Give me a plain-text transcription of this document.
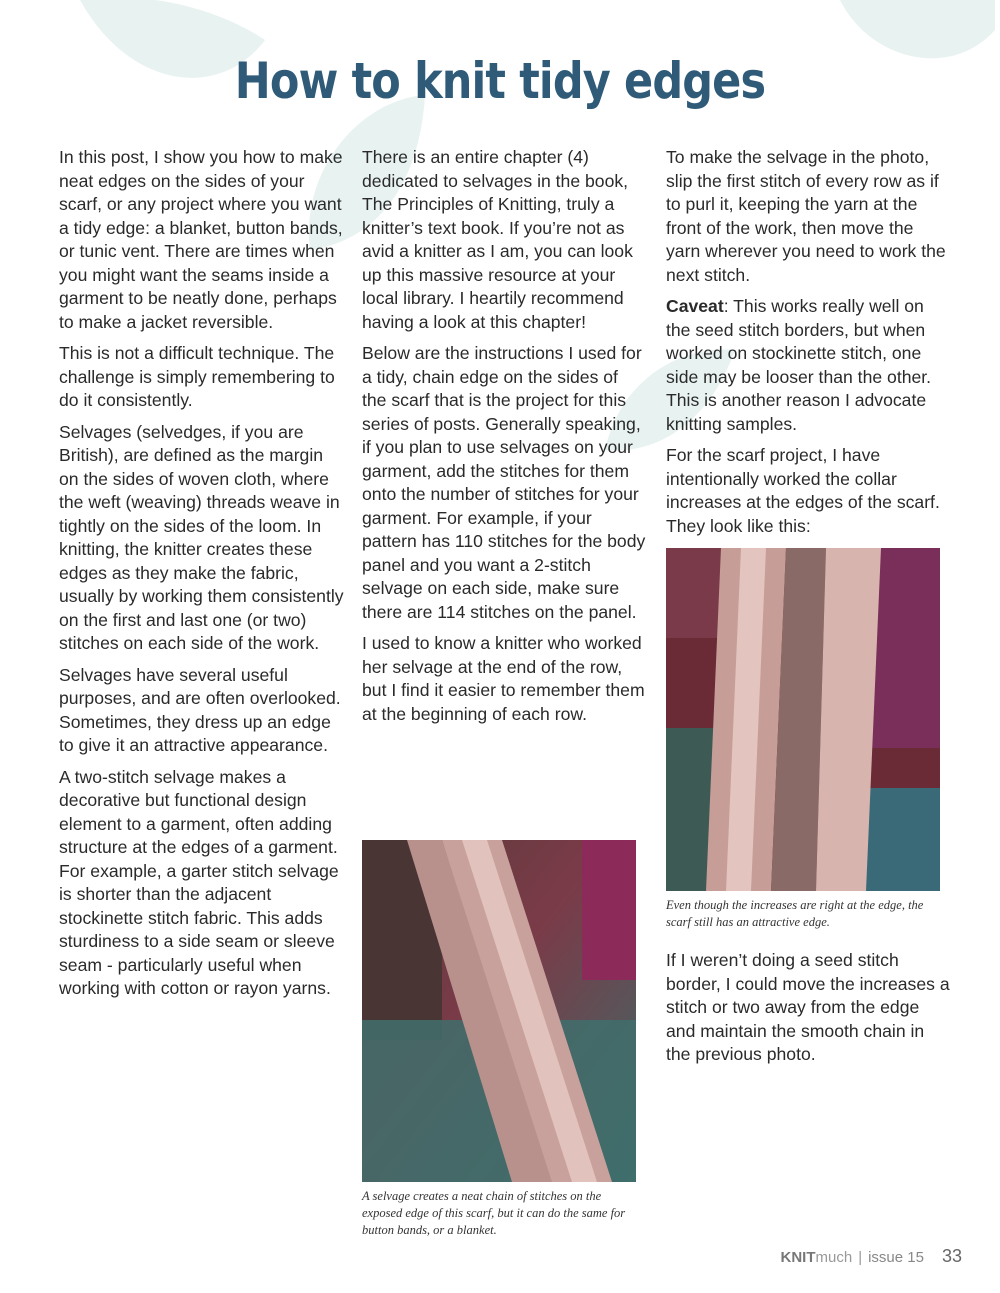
How to knit tidy edges

In this post, I show you how to make neat edges on the sides of your scarf, or any project where you want a tidy edge: a blanket, button bands, or tunic vent. There are times when you might want the seams inside a garment to be neatly done, perhaps to make a jacket reversible.

This is not a difficult technique. The challenge is simply remembering to do it consistently.

Selvages (selvedges, if you are British), are defined as the margin on the sides of woven cloth, where the weft (weaving) threads weave in tightly on the sides of the loom. In knitting, the knitter creates these edges as they make the fabric, usually by working them consistently on the first and last one (or two) stitches on each side of the work.

Selvages have several useful purposes, and are often overlooked. Sometimes, they dress up an edge to give it an attractive appearance.

A two-stitch selvage makes a decorative but functional design element to a garment, often adding structure at the edges of a garment. For example, a garter stitch selvage is shorter than the adjacent stockinette stitch fabric. This adds sturdiness to a side seam or sleeve seam - particularly useful when working with cotton or rayon yarns.

There is an entire chapter (4) dedicated to selvages in the book, The Principles of Knitting, truly a knitter’s text book. If you’re not as avid a knitter as I am, you can look up this massive resource at your local library. I heartily recommend having a look at this chapter!

Below are the instructions I used for a tidy, chain edge on the sides of the scarf that is the project for this series of posts. Generally speaking, if you plan to use selvages on your garment, add the stitches for them onto the number of stitches for your garment. For example, if your pattern has 110 stitches for the body panel and you want a 2-stitch selvage on each side, make sure there are 114 stitches on the panel.

I used to know a knitter who worked her selvage at the end of the row, but I find it easier to remember them at the beginning of each row.

A selvage creates a neat chain of stitches on the exposed edge of this scarf, but it can do the same for button bands, or a blanket.

To make the selvage in the photo, slip the first stitch of every row as if to purl it, keeping the yarn at the front of the work, then move the yarn wherever you need to work the next stitch.

Caveat: This works really well on the seed stitch borders, but when worked on stockinette stitch, one side may be looser than the other. This is another reason I advocate knitting samples.

For the scarf project, I have intentionally worked the collar increases at the edges of the scarf. They look like this:

Even though the increases are right at the edge, the scarf still has an attractive edge.

If I weren’t doing a seed stitch border, I could move the increases a stitch or two away from the edge and maintain the smooth chain in the previous photo.

KNITmuch | issue 15 33
